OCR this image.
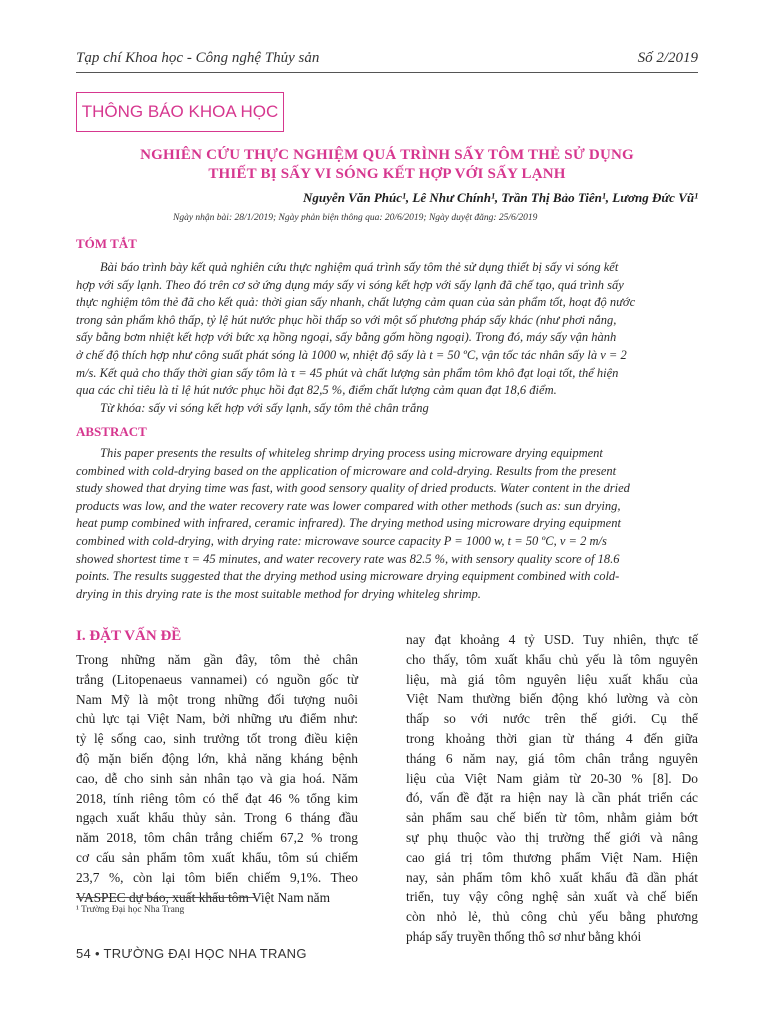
Tạp chí Khoa học - Công nghệ Thủy sản	Số 2/2019
THÔNG BÁO KHOA HỌC
NGHIÊN CỨU THỰC NGHIỆM QUÁ TRÌNH SẤY TÔM THẺ SỬ DỤNG
THIẾT BỊ SẤY VI SÓNG KẾT HỢP VỚI SẤY LẠNH
Nguyễn Văn Phúc¹, Lê Như Chính¹, Trần Thị Bảo Tiên¹, Lương Đức Vũ¹
Ngày nhận bài: 28/1/2019; Ngày phản biện thông qua: 20/6/2019; Ngày duyệt đăng: 25/6/2019
TÓM TẮT
Bài báo trình bày kết quả nghiên cứu thực nghiệm quá trình sấy tôm thẻ sử dụng thiết bị sấy vi sóng kết
hợp với sấy lạnh. Theo đó trên cơ sở ứng dụng máy sấy vi sóng kết hợp với sấy lạnh đã chế tạo, quá trình sấy
thực nghiệm tôm thẻ đã cho kết quả: thời gian sấy nhanh, chất lượng cảm quan của sản phẩm tốt, hoạt độ nước
trong sản phẩm khô thấp, tỷ lệ hút nước phục hồi thấp so với một số phương pháp sấy khác (như phơi nắng,
sấy bằng bơm nhiệt kết hợp với bức xạ hồng ngoại, sấy bằng gốm hồng ngoại). Trong đó, máy sấy vận hành
ở chế độ thích hợp như công suất phát sóng là 1000 w, nhiệt độ sấy là t = 50 ºC, vận tốc tác nhân sấy là v = 2
m/s. Kết quả cho thấy thời gian sấy tôm là τ = 45 phút và chất lượng sản phẩm tôm khô đạt loại tốt, thể hiện
qua các chỉ tiêu là tỉ lệ hút nước phục hồi đạt 82,5 %, điểm chất lượng cảm quan đạt 18,6 điểm.
Từ khóa: sấy vi sóng kết hợp với sấy lạnh, sấy tôm thẻ chân trắng
ABSTRACT
This paper presents the results of whiteleg shrimp drying process using microware drying equipment
combined with cold-drying based on the application of microware and cold-drying. Results from the present
study showed that drying time was fast, with good sensory quality of dried products. Water content in the dried
products was low, and the water recovery rate was lower compared with other methods (such as: sun drying,
heat pump combined with infrared, ceramic infrared). The drying method using microware drying equipment
combined with cold-drying, with drying rate: microwave source capacity P = 1000 w, t = 50 ºC, v = 2 m/s
showed shortest time τ = 45 minutes, and water recovery rate was 82.5 %, with sensory quality score of 18.6
points. The results suggested that the drying method using microware drying equipment combined with cold-
drying in this drying rate is the most suitable method for drying whiteleg shrimp.
I. ĐẶT VẤN ĐỀ
Trong những năm gần đây, tôm thẻ chân
trắng (Litopenaeus vannamei) có nguồn gốc từ
Nam Mỹ là một trong những đối tượng nuôi
chủ lực tại Việt Nam, bởi những ưu điểm như:
tỷ lệ sống cao, sinh trưởng tốt trong điều kiện
độ mặn biến động lớn, khả năng kháng bệnh
cao, dễ cho sinh sản nhân tạo và gia hoá. Năm
2018, tính riêng tôm có thể đạt 46 % tổng kim
ngạch xuất khẩu thủy sản. Trong 6 tháng đầu
năm 2018, tôm chân trắng chiếm 67,2 % trong
cơ cấu sản phẩm tôm xuất khẩu, tôm sú chiếm
23,7 %, còn lại tôm biển chiếm 9,1%. Theo
VASPEC dự báo, xuất khẩu tôm Việt Nam năm
nay đạt khoảng 4 tỷ USD. Tuy nhiên, thực tế
cho thấy, tôm xuất khẩu chủ yếu là tôm nguyên
liệu, mà giá tôm nguyên liệu xuất khẩu của
Việt Nam thường biến động khó lường và còn
thấp so với nước trên thế giới. Cụ thể
trong khoảng thời gian từ tháng 4 đến giữa
tháng 6 năm nay, giá tôm chân trắng nguyên
liệu của Việt Nam giảm từ 20-30 % [8]. Do
đó, vấn đề đặt ra hiện nay là cần phát triển các
sản phẩm sau chế biến từ tôm, nhằm giảm bớt
sự phụ thuộc vào thị trường thế giới và nâng
cao giá trị tôm thương phẩm Việt Nam. Hiện
nay, sản phẩm tôm khô xuất khẩu đã dần phát
triển, tuy vậy công nghệ sản xuất và chế biến
còn nhỏ lẻ, thủ công chủ yếu bằng phương
pháp sấy truyền thống thô sơ như bằng khói
¹ Trường Đại học Nha Trang
54 • TRƯỜNG ĐẠI HỌC NHA TRANG
